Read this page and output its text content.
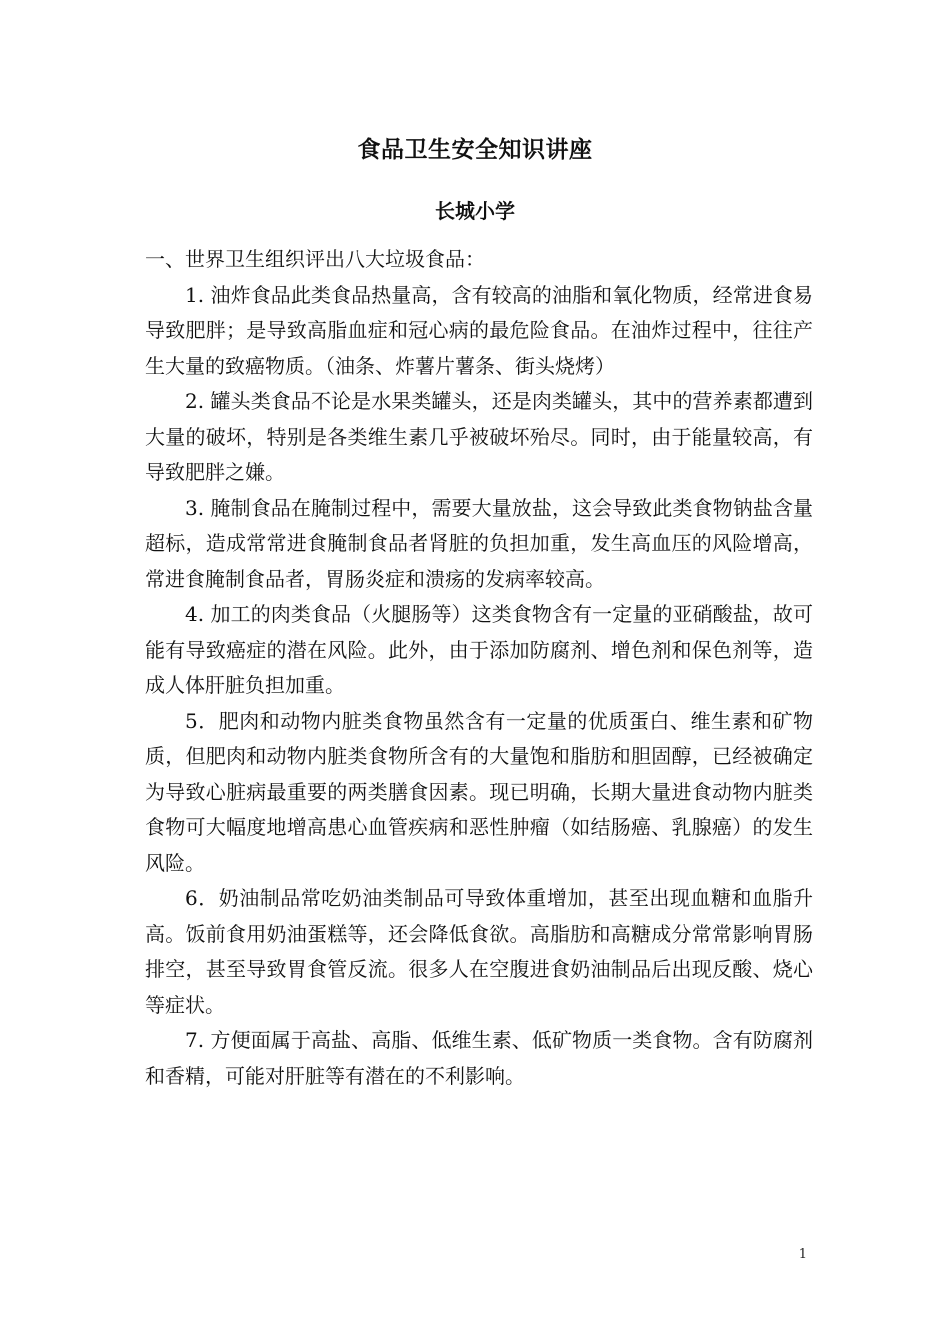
食品卫生安全知识讲座
长城小学

一、世界卫生组织评出八大垃圾食品：

1. 油炸食品此类食品热量高，含有较高的油脂和氧化物质，经常进食易导致肥胖；是导致高脂血症和冠心病的最危险食品。在油炸过程中，往往产生大量的致癌物质。（油条、炸薯片薯条、街头烧烤）

2. 罐头类食品不论是水果类罐头，还是肉类罐头，其中的营养素都遭到大量的破坏，特别是各类维生素几乎被破坏殆尽。同时，由于能量较高，有导致肥胖之嫌。

3. 腌制食品在腌制过程中，需要大量放盐，这会导致此类食物钠盐含量超标，造成常常进食腌制食品者肾脏的负担加重，发生高血压的风险增高，常进食腌制食品者，胃肠炎症和溃疡的发病率较高。

4. 加工的肉类食品（火腿肠等）这类食物含有一定量的亚硝酸盐，故可能有导致癌症的潜在风险。此外，由于添加防腐剂、增色剂和保色剂等，造成人体肝脏负担加重。

5．肥肉和动物内脏类食物虽然含有一定量的优质蛋白、维生素和矿物质，但肥肉和动物内脏类食物所含有的大量饱和脂肪和胆固醇，已经被确定为导致心脏病最重要的两类膳食因素。现已明确，长期大量进食动物内脏类食物可大幅度地增高患心血管疾病和恶性肿瘤（如结肠癌、乳腺癌）的发生风险。

6．奶油制品常吃奶油类制品可导致体重增加，甚至出现血糖和血脂升高。饭前食用奶油蛋糕等，还会降低食欲。高脂肪和高糖成分常常影响胃肠排空，甚至导致胃食管反流。很多人在空腹进食奶油制品后出现反酸、烧心等症状。

7. 方便面属于高盐、高脂、低维生素、低矿物质一类食物。含有防腐剂和香精，可能对肝脏等有潜在的不利影响。

1
